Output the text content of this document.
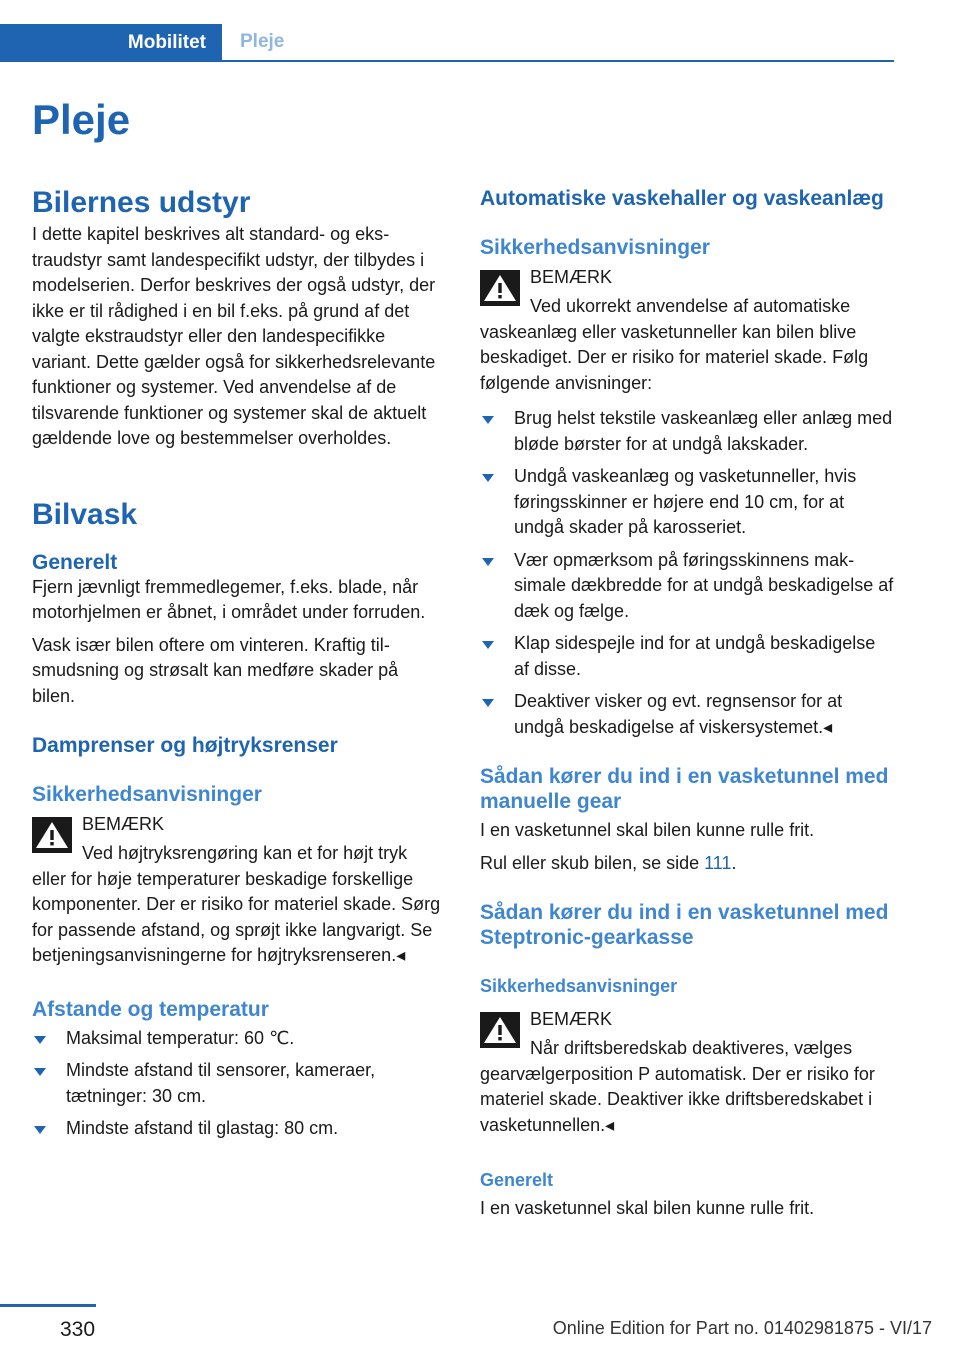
Mobilitet	Pleje
Pleje
Bilernes udstyr

I dette kapitel beskrives alt standard- og ekstraudstyr samt landespecifikt udstyr, der tilbydes i modelserien. Derfor beskrives der også udstyr, der ikke er til rådighed i en bil f.eks. på grund af det valgte ekstraudstyr eller den landespecifikke variant. Dette gælder også for sikkerhedsrelevante funktioner og systemer. Ved anvendelse af de tilsvarende funktioner og systemer skal de aktuelt gældende love og bestemmelser overholdes.

Bilvask
Generelt

Fjern jævnligt fremmedlegemer, f.eks. blade, når motorhjelmen er åbnet, i området under forruden.

Vask især bilen oftere om vinteren. Kraftig tilsmudsning og strøsalt kan medføre skader på bilen.

Damprenser og højtryksrenser
Sikkerhedsanvisninger
BEMÆRK

Ved højtryksrengøring kan et for højt tryk eller for høje temperaturer beskadige forskellige komponenter. Der er risiko for materiel skade. Sørg for passende afstand, og sprøjt ikke langvarigt. Se betjeningsanvisningerne for højtryksrenseren.◂

Afstande og temperatur
Maksimal temperatur: 60 ℃.
Mindste afstand til sensorer, kameraer, tætninger: 30 cm.
Mindste afstand til glastag: 80 cm.
Automatiske vaskehaller og vaskeanlæg
Sikkerhedsanvisninger
BEMÆRK

Ved ukorrekt anvendelse af automatiske vaskeanlæg eller vasketunneller kan bilen blive beskadiget. Der er risiko for materiel skade. Følg følgende anvisninger:

Brug helst tekstile vaskeanlæg eller anlæg med bløde børster for at undgå lakskader.
Undgå vaskeanlæg og vasketunneller, hvis føringsskinner er højere end 10 cm, for at undgå skader på karosseriet.
Vær opmærksom på føringsskinnens maksimale dækbredde for at undgå beskadigelse af dæk og fælge.
Klap sidespejle ind for at undgå beskadigelse af disse.
Deaktiver visker og evt. regnsensor for at undgå beskadigelse af viskersystemet.◂
Sådan kører du ind i en vasketunnel med manuelle gear

I en vasketunnel skal bilen kunne rulle frit.

Rul eller skub bilen, se side 111.

Sådan kører du ind i en vasketunnel med Steptronic-gearkasse
Sikkerhedsanvisninger
BEMÆRK

Når driftsberedskab deaktiveres, vælges gearvælgerposition P automatisk. Der er risiko for materiel skade. Deaktiver ikke driftsberedskabet i vasketunnellen.◂

Generelt

I en vasketunnel skal bilen kunne rulle frit.

330	Online Edition for Part no. 01402981875 - VI/17
